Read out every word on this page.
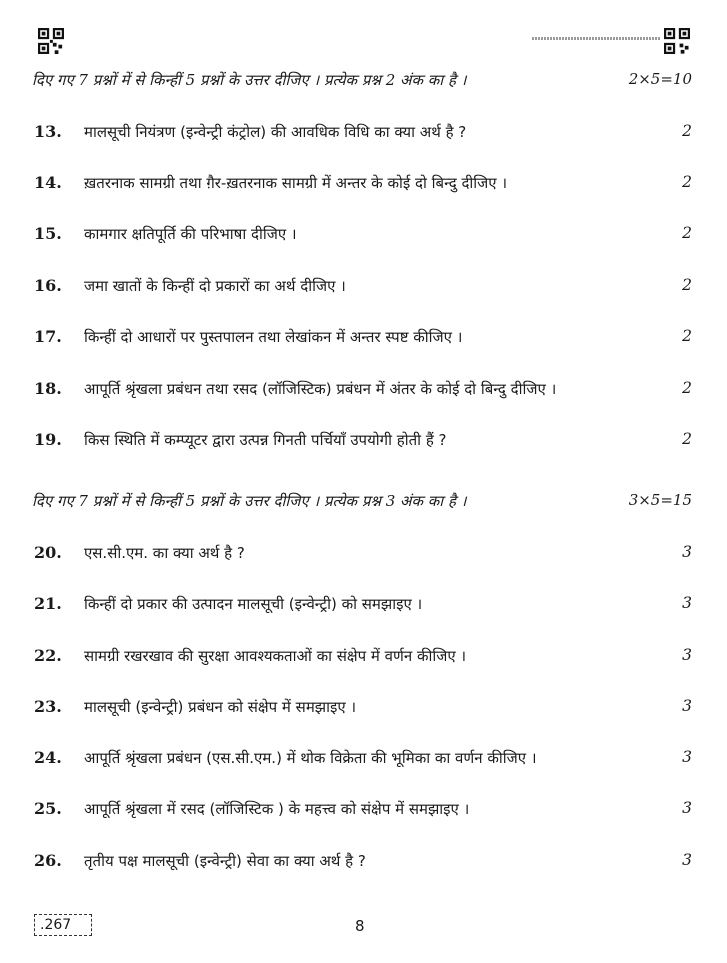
दिए गए 7 प्रश्नों में से किन्हीं 5 प्रश्नों के उत्तर दीजिए । प्रत्येक प्रश्न 2 अंक का है ।	2×5=10
13. मालसूची नियंत्रण (इन्वेन्ट्री कंट्रोल) की आवधिक विधि का क्या अर्थ है ?	2
14. ख़तरनाक सामग्री तथा ग़ैर-ख़तरनाक सामग्री में अन्तर के कोई दो बिन्दु दीजिए ।	2
15. कामगार क्षतिपूर्ति की परिभाषा दीजिए ।	2
16. जमा खातों के किन्हीं दो प्रकारों का अर्थ दीजिए ।	2
17. किन्हीं दो आधारों पर पुस्तपालन तथा लेखांकन में अन्तर स्पष्ट कीजिए ।	2
18. आपूर्ति श्रृंखला प्रबंधन तथा रसद (लॉजिस्टिक) प्रबंधन में अंतर के कोई दो बिन्दु दीजिए ।	2
19. किस स्थिति में कम्प्यूटर द्वारा उत्पन्न गिनती पर्चियाँ उपयोगी होती हैं ?	2
दिए गए 7 प्रश्नों में से किन्हीं 5 प्रश्नों के उत्तर दीजिए । प्रत्येक प्रश्न 3 अंक का है ।	3×5=15
20. एस.सी.एम. का क्या अर्थ है ?	3
21. किन्हीं दो प्रकार की उत्पादन मालसूची (इन्वेन्ट्री) को समझाइए ।	3
22. सामग्री रखरखाव की सुरक्षा आवश्यकताओं का संक्षेप में वर्णन कीजिए ।	3
23. मालसूची (इन्वेन्ट्री) प्रबंधन को संक्षेप में समझाइए ।	3
24. आपूर्ति श्रृंखला प्रबंधन (एस.सी.एम.) में थोक विक्रेता की भूमिका का वर्णन कीजिए ।	3
25. आपूर्ति श्रृंखला में रसद (लॉजिस्टिक ) के महत्त्व को संक्षेप में समझाइए ।	3
26. तृतीय पक्ष मालसूची (इन्वेन्ट्री) सेवा का क्या अर्थ है ?	3
.267	8
